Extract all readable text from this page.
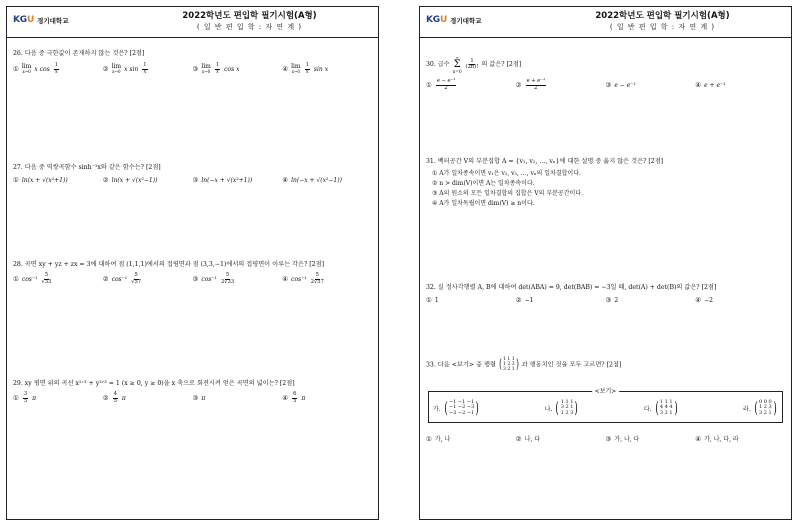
KGU 경기대학교	2022학년도 편입학 필기시험(A형)
( 일 반 편 입 학 : 자 연 계 )
26. 다음 중 극한값이 존재하지 않는 것은? [2점]
① lim
x→0 x $\cos \frac{1}{x}$	② lim
x→0 x $\sin \frac{1}{x}$	③ lim
$x\to 0 \frac{1}{x}$ cos x	④ lim
$x\to 0 \frac{1}{x}$ sin x
27. 다음 중 역쌍곡함수 sinh⁻¹x와 같은 함수는? [2점]
① ln(x + √(x²+1))	② ln(x + √(x²−1))	③ ln(−x + √(x²+1))	④ ln(−x + √(x²−1))
28. 곡면 xy + yz + zx = 3에 대하여 점 (1,1,1)에서의 접평면과 점 (3,3,−1)에서의 접평면이 이루는 각은? [2점]
① $\cos^{-1} \frac{5}{√33}$	② $\cos^{-1} \frac{5}{√57}$	③ $\cos^{-1} \frac{5}{2√33}$	④ $\cos^{-1} \frac{5}{2√57}$
29. xy 평면 위의 곡선 x²ᐟ³ + y²ᐟ³ = 1 (x ≥ 0, y ≥ 0)을 x 축으로 회전시켜 얻은 곡면의 넓이는? [2점]
① $\frac{3}{5}$ π	② $\frac{4}{5}$ π	③ π	④ $\frac{6}{5}$ π
KGU 경기대학교	2022학년도 편입학 필기시험(A형)
( 일 반 편 입 학 : 자 연 계 )
30. 급수
∞
Σ
n=0

$\frac{1}{(2n)!}$ 의 값은? [2점]
① $\frac{\text{e − e⁻¹}}{2}$	② $\frac{\text{e + e⁻¹}}{2}$	③ e − e⁻¹	④ e + e⁻¹
31. 벡터공간 V의 부분집합 A = {v₁, v₂, …, vₙ}에 대한 설명 중 옳지 않은 것은? [2점]
① A가 일차종속이면 v₁은 v₂, v₃, …, vₙ의 일차결합이다.
② n > dim(V)이면 A는 일차종속이다.
③ A의 원소의 모든 일차결합의 집합은 V의 부분공간이다.
④ A가 일차독립이면 dim(V) ≥ n이다.
32. 실 정사각행렬 A, B에 대하여 det(ABA) = 9, det(BAB) = −3일 때, det(A) + det(B)의 값은? [2점]
① 1	② −1	③ 2	④ −2
33. 다음 <보기> 중 행렬 ( 1 1 1
1 2 3
3 2 1 ) 과 행동치인 것을 모두 고르면? [2점]
<보기>
가. ( −1 −1 −1
−1 −2 −3
−3 −2 −1 )	나. ( 1 1 1
3 2 1
1 2 3 )	다. ( 1 1 1
4 4 4
3 2 1 )	라. ( 0 0 0
1 2 3
3 2 1 )
① 가, 나	② 나, 다	③ 가, 나, 다	④ 가, 나, 다, 라
